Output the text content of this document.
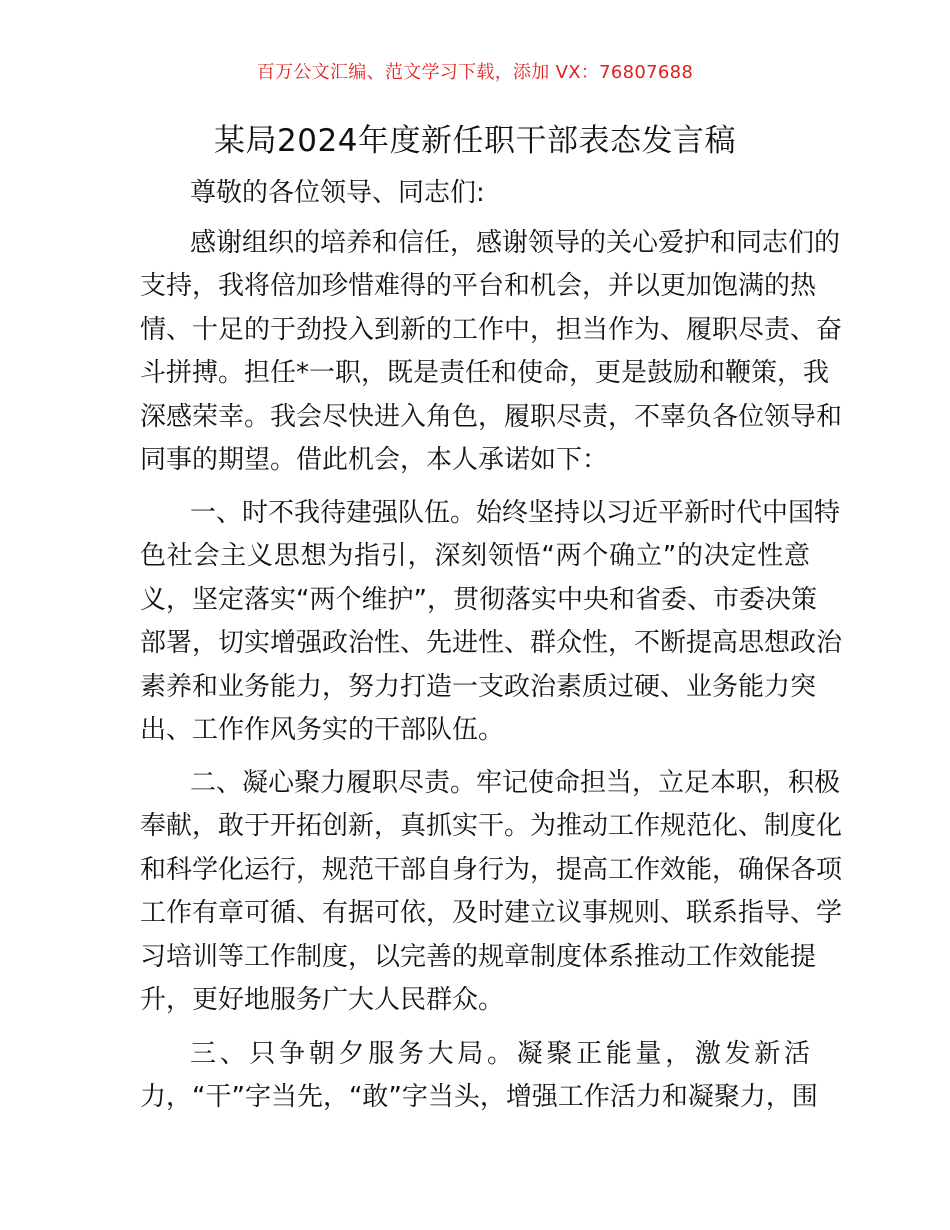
百万公文汇编、范文学习下载，添加 VX：76807688
某局2024年度新任职干部表态发言稿
尊敬的各位领导、同志们:
感谢组织的培养和信任，感谢领导的关心爱护和同志们的
支持，我将倍加珍惜难得的平台和机会，并以更加饱满的热
情、十足的于劲投入到新的工作中，担当作为、履职尽责、奋
斗拼搏。担任*一职，既是责任和使命，更是鼓励和鞭策，我
深感荣幸。我会尽快进入角色，履职尽责，不辜负各位领导和
同事的期望。借此机会，本人承诺如下：
一、时不我待建强队伍。始终坚持以习近平新时代中国特
色社会主义思想为指引，深刻领悟“两个确立”的决定性意
义，坚定落实“两个维护”，贯彻落实中央和省委、市委决策
部署，切实增强政治性、先进性、群众性，不断提高思想政治
素养和业务能力，努力打造一支政治素质过硬、业务能力突
出、工作作风务实的干部队伍。
二、凝心聚力履职尽责。牢记使命担当，立足本职，积极
奉献，敢于开拓创新，真抓实干。为推动工作规范化、制度化
和科学化运行，规范干部自身行为，提高工作效能，确保各项
工作有章可循、有据可依，及时建立议事规则、联系指导、学
习培训等工作制度，以完善的规章制度体系推动工作效能提
升，更好地服务广大人民群众。
三、只争朝夕服务大局。凝聚正能量，激发新活
力，“干”字当先，“敢”字当头，增强工作活力和凝聚力，围
